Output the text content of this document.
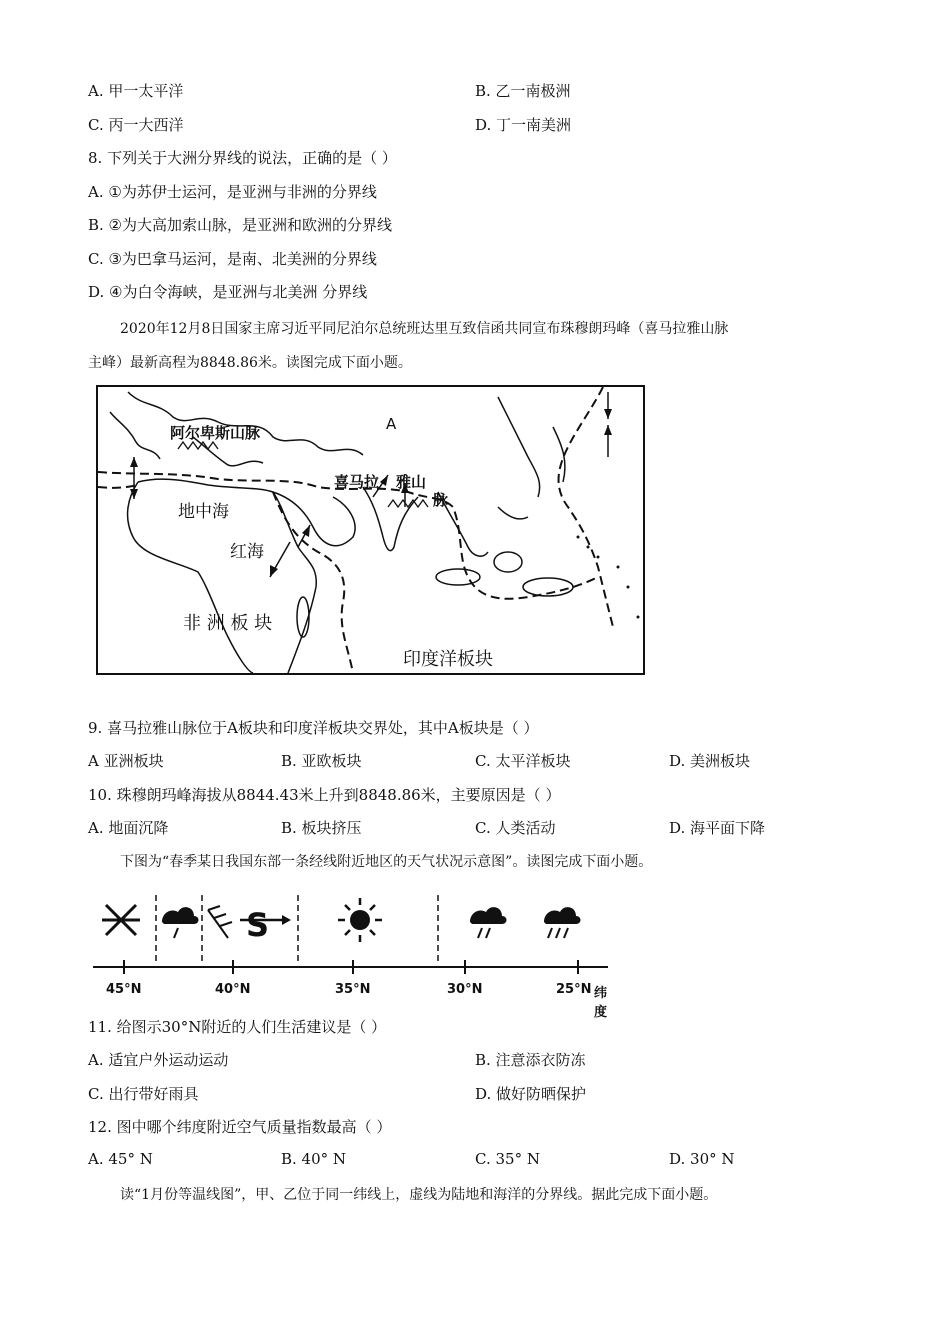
A. 甲一太平洋	B. 乙一南极洲
C. 丙一大西洋	D. 丁一南美洲
8. 下列关于大洲分界线的说法，正确的是（ ）
A. ①为苏伊士运河，是亚洲与非洲的分界线
B. ②为大高加索山脉，是亚洲和欧洲的分界线
C. ③为巴拿马运河，是南、北美洲的分界线
D. ④为白令海峡，是亚洲与北美洲 分界线
2020年12月8日国家主席习近平同尼泊尔总统班达里互致信函共同宣布珠穆朗玛峰（喜马拉雅山脉
主峰）最新高程为8848.86米。读图完成下面小题。
阿尔卑斯山脉	A
喜马拉 雅山
脉
地中海
红海
非 洲 板 块
印度洋板块
9. 喜马拉雅山脉位于A板块和印度洋板块交界处，其中A板块是（ ）
A 亚洲板块	B. 亚欧板块	C. 太平洋板块	D. 美洲板块
10. 珠穆朗玛峰海拔从8844.43米上升到8848.86米，主要原因是（ ）
A. 地面沉降	B. 板块挤压	C. 人类活动	D. 海平面下降
下图为“春季某日我国东部一条经线附近地区的天气状况示意图”。读图完成下面小题。
S
45°N	40°N	35°N	30°N	25°N 纬度
11. 给图示30°N附近的人们生活建议是（ ）
A. 适宜户外运动运动	B. 注意添衣防冻
C. 出行带好雨具	D. 做好防晒保护
12. 图中哪个纬度附近空气质量指数最高（ ）
A. 45° N	B. 40° N	C. 35° N	D. 30° N
读“1月份等温线图”，甲、乙位于同一纬线上，虚线为陆地和海洋的分界线。据此完成下面小题。
